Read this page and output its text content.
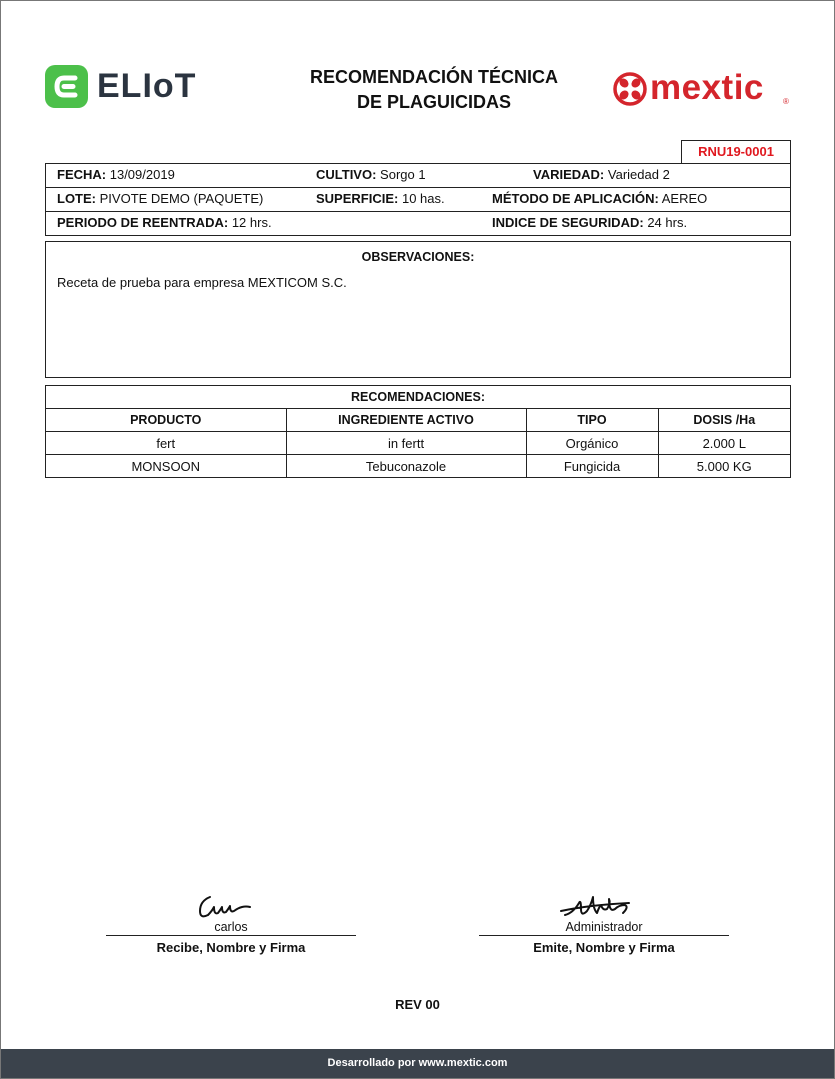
ELIoT	RECOMENDACIÓN TÉCNICA
DE PLAGUICIDAS	mextic ®
RNU19-0001
FECHA: 13/09/2019	CULTIVO: Sorgo 1	VARIEDAD: Variedad 2
LOTE: PIVOTE DEMO (PAQUETE)	SUPERFICIE: 10 has.	MÉTODO DE APLICACIÓN: AEREO
PERIODO DE REENTRADA: 12 hrs.	INDICE DE SEGURIDAD: 24 hrs.
OBSERVACIONES:
Receta de prueba para empresa MEXTICOM S.C.
RECOMENDACIONES:
PRODUCTO	INGREDIENTE ACTIVO	TIPO	DOSIS /Ha
fert	in fertt	Orgánico	2.000 L
MONSOON	Tebuconazole	Fungicida	5.000 KG
carlos
Recibe, Nombre y Firma
Administrador
Emite, Nombre y Firma
REV 00
Desarrollado por www.mextic.com
